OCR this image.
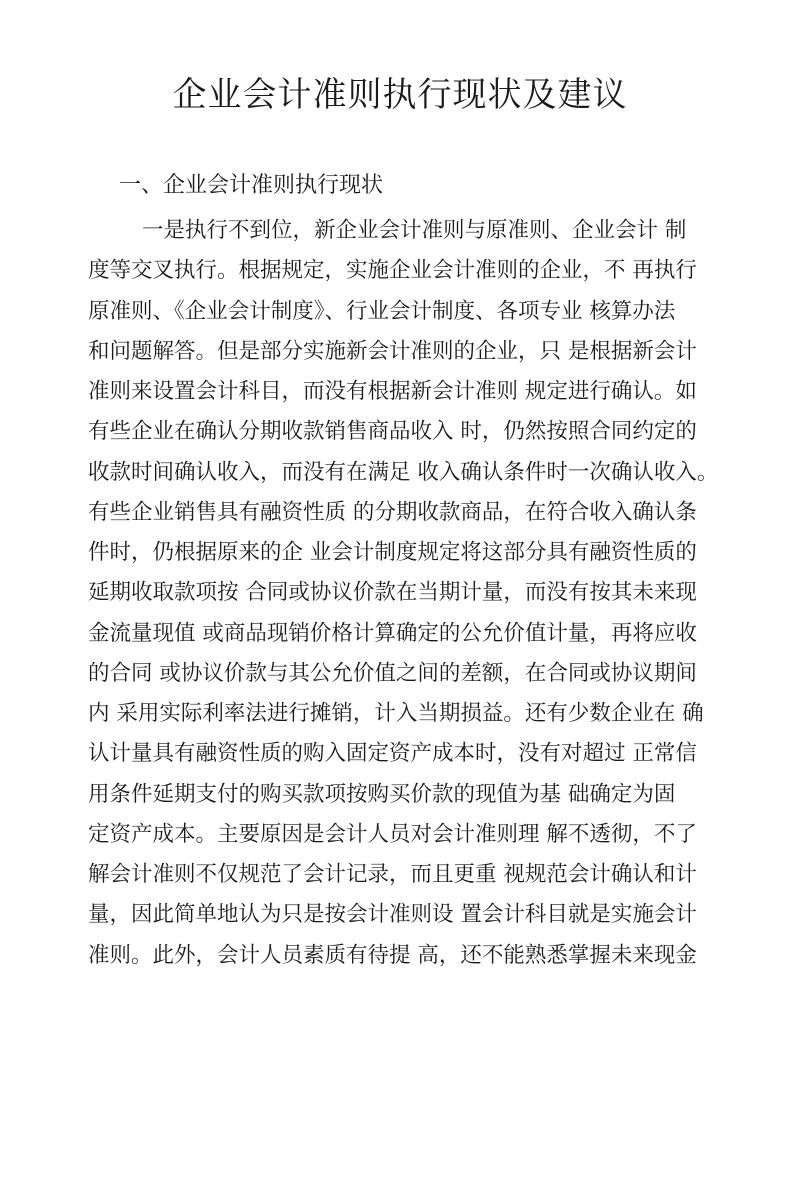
企业会计准则执行现状及建议
一、企业会计准则执行现状
一是执行不到位，新企业会计准则与原准则、企业会计 制
度等交叉执行。根据规定，实施企业会计准则的企业，不 再执行
原准则、《企业会计制度》、行业会计制度、各项专业 核算办法
和问题解答。但是部分实施新会计准则的企业，只 是根据新会计
准则来设置会计科目，而没有根据新会计准则 规定进行确认。如
有些企业在确认分期收款销售商品收入 时，仍然按照合同约定的
收款时间确认收入，而没有在满足 收入确认条件时一次确认收入。
有些企业销售具有融资性质 的分期收款商品，在符合收入确认条
件时，仍根据原来的企 业会计制度规定将这部分具有融资性质的
延期收取款项按 合同或协议价款在当期计量，而没有按其未来现
金流量现值 或商品现销价格计算确定的公允价值计量，再将应收
的合同 或协议价款与其公允价值之间的差额，在合同或协议期间
内 采用实际利率法进行摊销，计入当期损益。还有少数企业在 确
认计量具有融资性质的购入固定资产成本时，没有对超过 正常信
用条件延期支付的购买款项按购买价款的现值为基 础确定为固
定资产成本。主要原因是会计人员对会计准则理 解不透彻，不了
解会计准则不仅规范了会计记录，而且更重 视规范会计确认和计
量，因此简单地认为只是按会计准则设 置会计科目就是实施会计
准则。此外，会计人员素质有待提 高，还不能熟悉掌握未来现金
